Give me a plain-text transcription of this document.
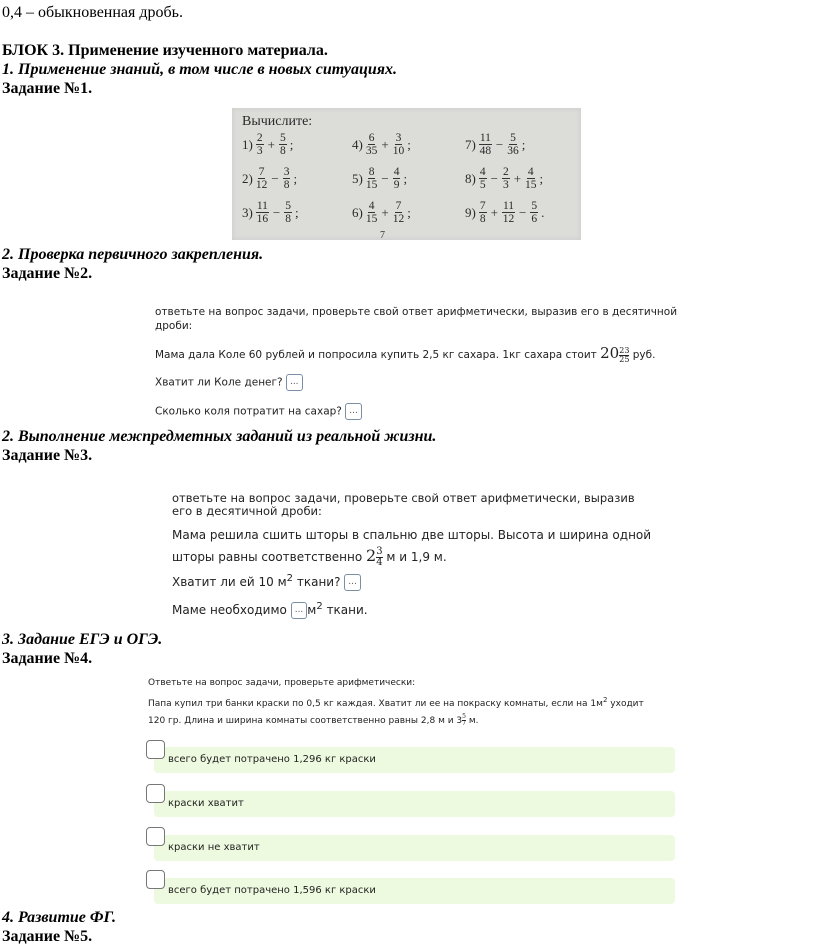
0,4 – обыкновенная дробь.
БЛОК 3. Применение изученного материала.
1. Применение знаний, в том числе в новых ситуациях.
Задание №1.
Вычислите:
$1) \frac{2}{3} + \frac{5}{8}$ ;
$2) \frac{7}{12} - \frac{3}{8}$ ;
$3) \frac{11}{16} - \frac{5}{8}$ ;
$4) \frac{6}{35} + \frac{3}{10}$ ;
$5) \frac{8}{15} - \frac{4}{9}$ ;
$6) \frac{4}{15} + \frac{7}{12}$ ;
$7) \frac{11}{48} - \frac{5}{36}$ ;
$8) \frac{4}{5} - \frac{2}{3} + \frac{4}{15}$ ;
$9) \frac{7}{8} + \frac{11}{12} - \frac{5}{6}$ .
7
2. Проверка первичного закрепления.
Задание №2.
ответьте на вопрос задачи, проверьте свой ответ арифметически, выразив его в десятичной
дроби:
Мама дала Коле 60 рублей и попросила купить 2,5 кг сахара. 1кг сахара стоит $20 \frac{23}{25}$ руб.
Хватит ли Коле денег? ...
Сколько коля потратит на сахар? ...
2. Выполнение межпредметных заданий из реальной жизни.
Задание №3.
ответьте на вопрос задачи, проверьте свой ответ арифметически, выразив
его в десятичной дроби:
Мама решила сшить шторы в спальню две шторы. Высота и ширина одной
шторы равны соответственно $2 \frac{3}{4}$ м и 1,9 м.
Хватит ли ей 10 $м^2$ ткани? ...
Маме необходимо ... $м^2$ ткани.
3. Задание ЕГЭ и ОГЭ.
Задание №4.
Ответьте на вопрос задачи, проверьте арифметически:
Папа купил три банки краски по 0,5 кг каждая. Хватит ли ее на покраску комнаты, если на $1м^2$ уходит
120 гр. Длина и ширина комнаты соответственно равны 2,8 м и $3 \frac{5}{7} м$.
всего будет потрачено 1,296 кг краски
краски хватит
краски не хватит
всего будет потрачено 1,596 кг краски
4. Развитие ФГ.
Задание №5.
